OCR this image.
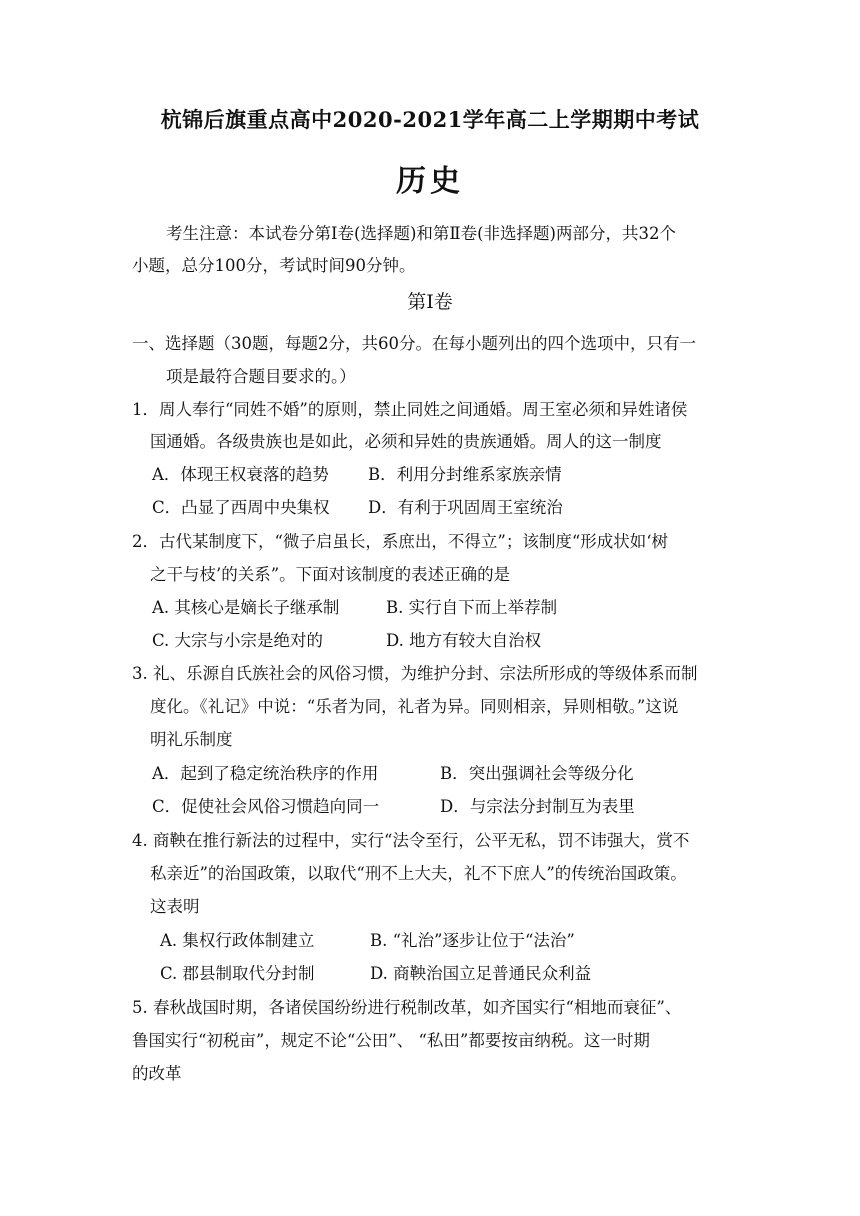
杭锦后旗重点高中2020-2021学年高二上学期期中考试
历史
考生注意：本试卷分第Ⅰ卷(选择题)和第Ⅱ卷(非选择题)两部分，共32个
小题，总分100分，考试时间90分钟。
第Ⅰ卷
一、选择题（30题，每题2分，共60分。在每小题列出的四个选项中，只有一
项是最符合题目要求的。）
1．周人奉行“同姓不婚”的原则，禁止同姓之间通婚。周王室必须和异姓诸侯
国通婚。各级贵族也是如此，必须和异姓的贵族通婚。周人的这一制度
A．体现王权衰落的趋势 B．利用分封维系家族亲情
C．凸显了西周中央集权 D．有利于巩固周王室统治
2．古代某制度下，“微子启虽长，系庶出，不得立”；该制度“形成状如‘树
之干与枝’的关系”。下面对该制度的表述正确的是
A. 其核心是嫡长子继承制	B. 实行自下而上举荐制
C. 大宗与小宗是绝对的	D. 地方有较大自治权
3. 礼、乐源自氏族社会的风俗习惯，为维护分封、宗法所形成的等级体系而制
度化。《礼记》中说：“乐者为同，礼者为异。同则相亲，异则相敬。”这说
明礼乐制度
A．起到了稳定统治秩序的作用	B．突出强调社会等级分化
C．促使社会风俗习惯趋向同一	D．与宗法分封制互为表里
4. 商鞅在推行新法的过程中，实行“法令至行，公平无私，罚不讳强大，赏不
私亲近”的治国政策，以取代“刑不上大夫，礼不下庶人”的传统治国政策。
这表明
A. 集权行政体制建立	B. “礼治”逐步让位于“法治”
C. 郡县制取代分封制	D. 商鞅治国立足普通民众利益
5. 春秋战国时期，各诸侯国纷纷进行税制改革，如齐国实行“相地而衰征”、
鲁国实行“初税亩”，规定不论“公田”、 “私田”都要按亩纳税。这一时期
的改革
